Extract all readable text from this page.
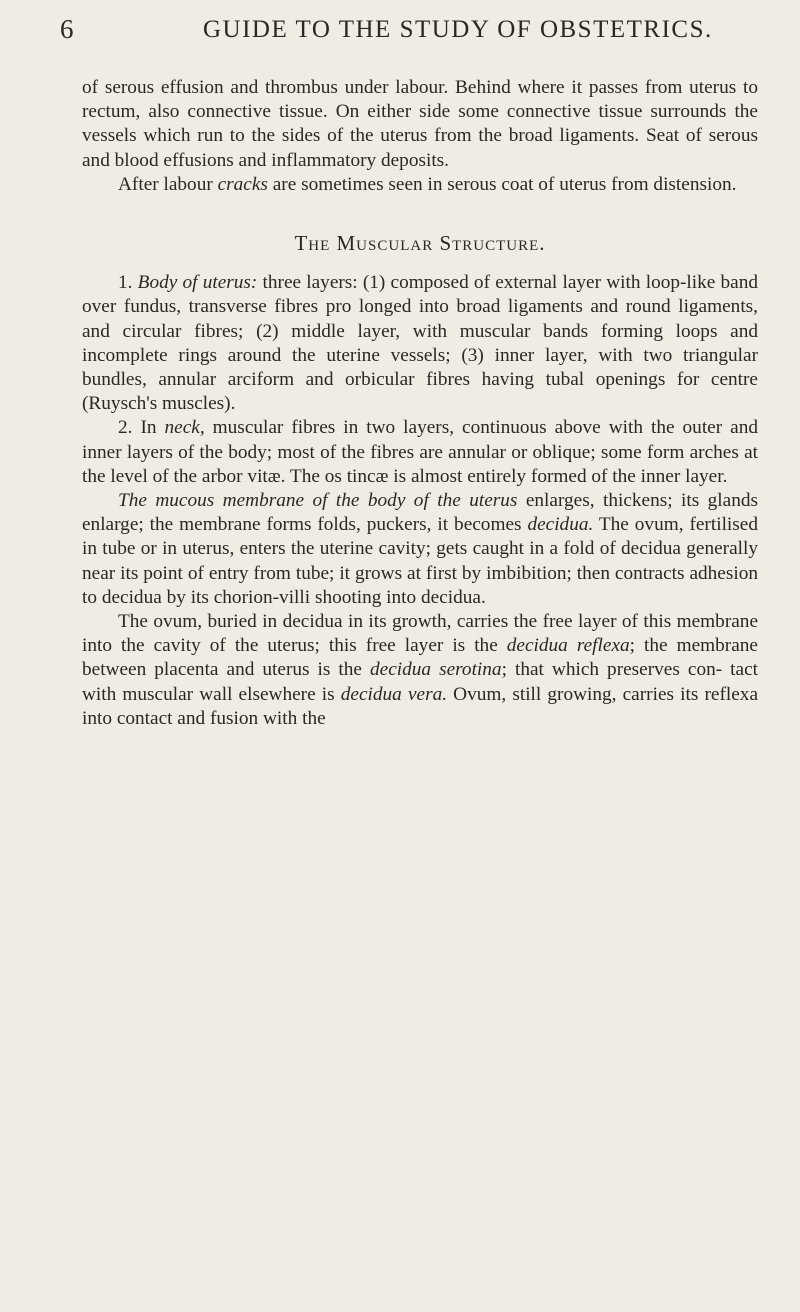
6	GUIDE TO THE STUDY OF OBSTETRICS.

of serous effusion and thrombus under labour. Behind where it passes from uterus to rectum, also connective tissue. On either side some connective tissue surrounds the vessels which run to the sides of the uterus from the broad ligaments. Seat of serous and blood effusions and inflammatory deposits.

After labour cracks are sometimes seen in serous coat of uterus from distension.

The Muscular Structure.

1. Body of uterus: three layers: (1) composed of external layer with loop-like band over fundus, transverse fibres pro longed into broad ligaments and round ligaments, and circular fibres; (2) middle layer, with muscular bands forming loops and incomplete rings around the uterine vessels; (3) inner layer, with two triangular bundles, annular arciform and orbicular fibres having tubal openings for centre (Ruysch's muscles).

2. In neck, muscular fibres in two layers, continuous above with the outer and inner layers of the body; most of the fibres are annular or oblique; some form arches at the level of the arbor vitæ. The os tincæ is almost entirely formed of the inner layer.

The mucous membrane of the body of the uterus enlarges, thickens; its glands enlarge; the membrane forms folds, puckers, it becomes decidua. The ovum, fertilised in tube or in uterus, enters the uterine cavity; gets caught in a fold of decidua generally near its point of entry from tube; it grows at first by imbibition; then contracts adhesion to decidua by its chorion-villi shooting into decidua.

The ovum, buried in decidua in its growth, carries the free layer of this membrane into the cavity of the uterus; this free layer is the decidua reflexa; the membrane between placenta and uterus is the decidua serotina; that which preserves con- tact with muscular wall elsewhere is decidua vera. Ovum, still growing, carries its reflexa into contact and fusion with the
